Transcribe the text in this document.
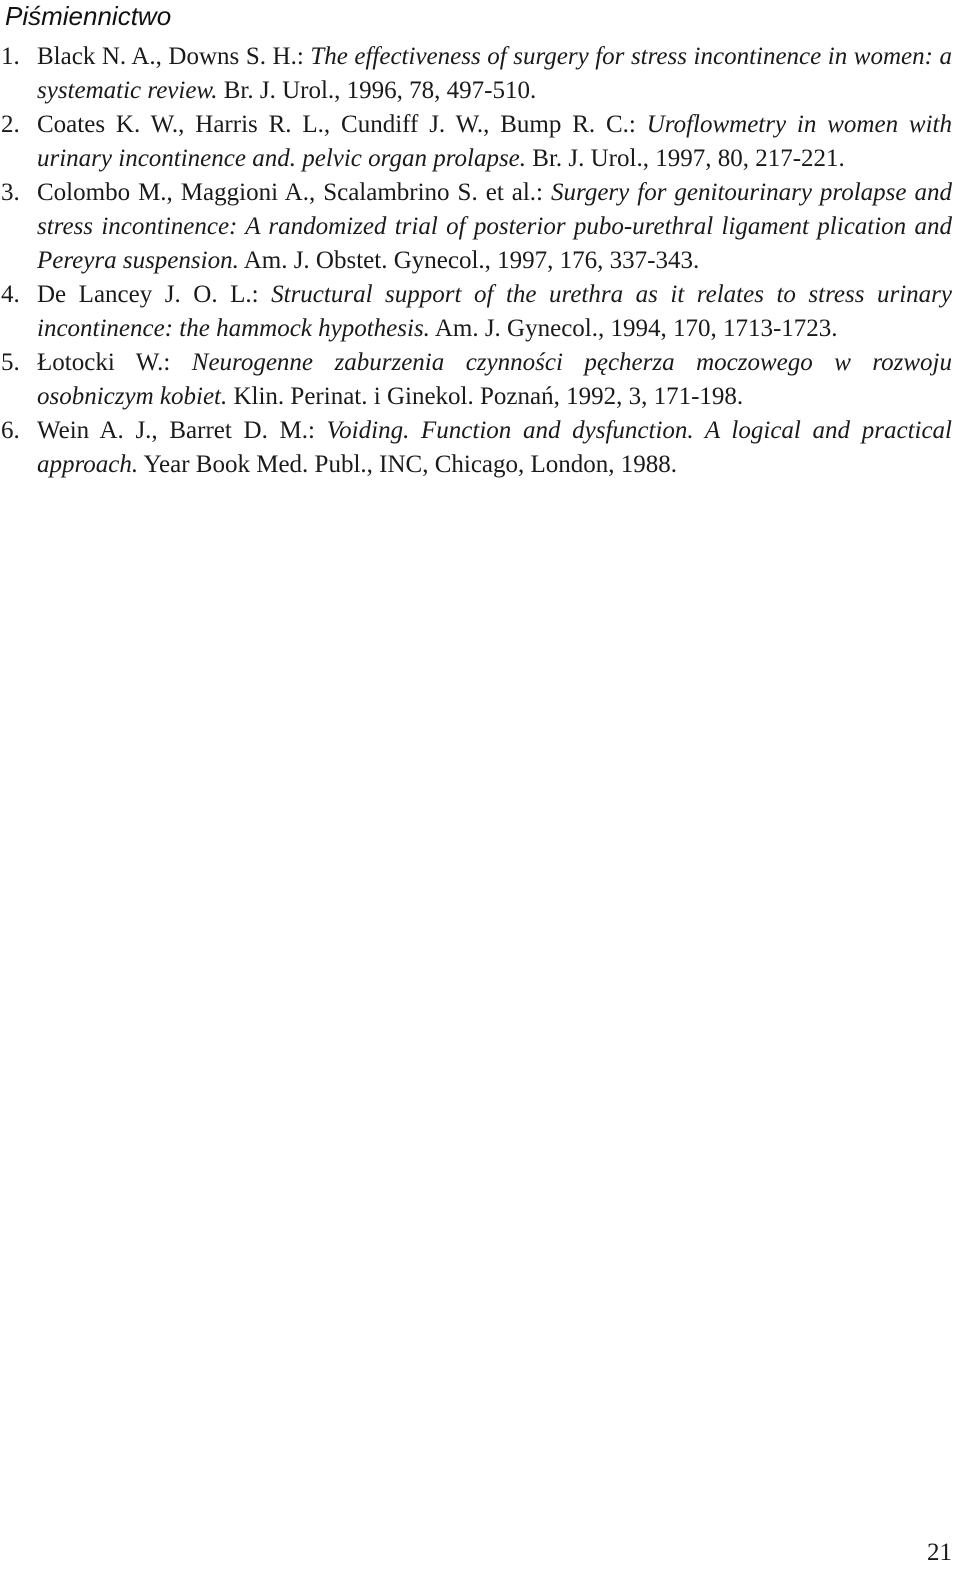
Piśmiennictwo
1. Black N. A., Downs S. H.: The effectiveness of surgery for stress incontinence in women: a systematic review. Br. J. Urol., 1996, 78, 497-510.
2. Coates K. W., Harris R. L., Cundiff J. W., Bump R. C.: Uroflowmetry in women with urinary incontinence and. pelvic organ prolapse. Br. J. Urol., 1997, 80, 217-221.
3. Colombo M., Maggioni A., Scalambrino S. et al.: Surgery for genitourinary prolapse and stress incontinence: A randomized trial of posterior pubo-urethral ligament plication and Pereyra suspension. Am. J. Obstet. Gynecol., 1997, 176, 337-343.
4. De Lancey J. O. L.: Structural support of the urethra as it relates to stress urinary incontinence: the hammock hypothesis. Am. J. Gynecol., 1994, 170, 1713-1723.
5. Łotocki W.: Neurogenne zaburzenia czynności pęcherza moczowego w rozwoju osobniczym kobiet. Klin. Perinat. i Ginekol. Poznań, 1992, 3, 171-198.
6. Wein A. J., Barret D. M.: Voiding. Function and dysfunction. A logical and practical approach. Year Book Med. Publ., INC, Chicago, London, 1988.
21
